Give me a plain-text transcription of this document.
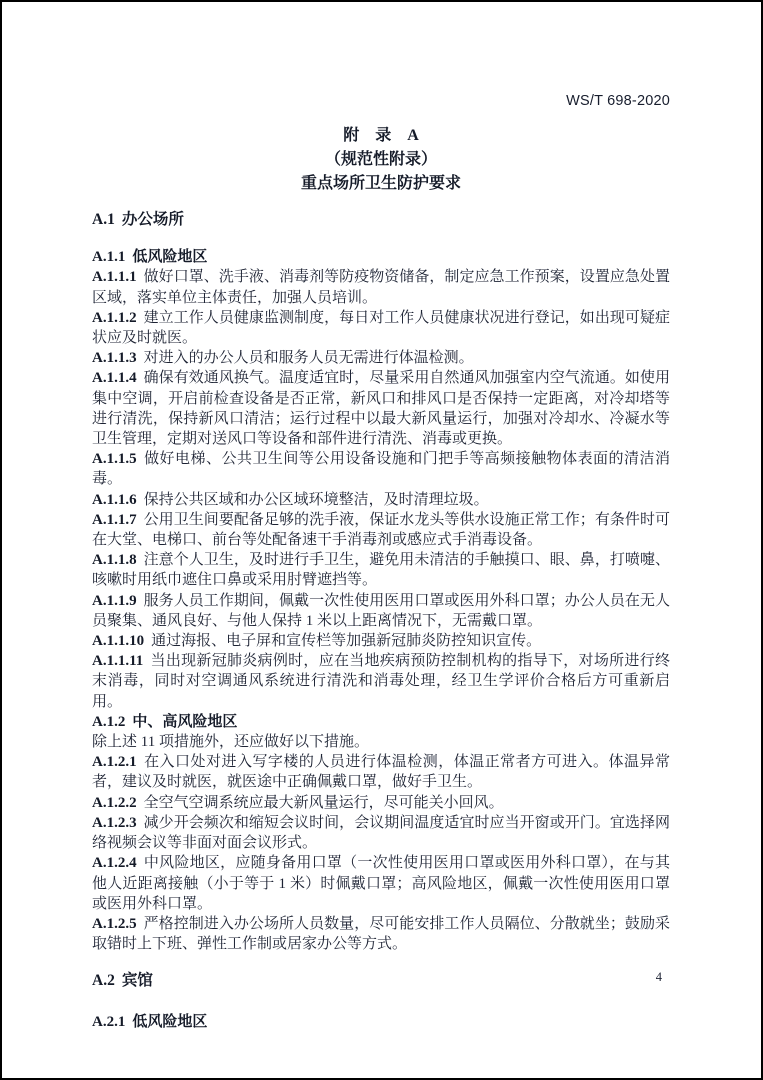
WS/T 698-2020
附　录　A
（规范性附录）
重点场所卫生防护要求
A.1 办公场所

A.1.1 低风险地区

A.1.1.1 做好口罩、洗手液、消毒剂等防疫物资储备，制定应急工作预案，设置应急处置区域，落实单位主体责任，加强人员培训。

A.1.1.2 建立工作人员健康监测制度，每日对工作人员健康状况进行登记，如出现可疑症状应及时就医。

A.1.1.3 对进入的办公人员和服务人员无需进行体温检测。

A.1.1.4 确保有效通风换气。温度适宜时，尽量采用自然通风加强室内空气流通。如使用集中空调，开启前检查设备是否正常，新风口和排风口是否保持一定距离，对冷却塔等进行清洗，保持新风口清洁；运行过程中以最大新风量运行，加强对冷却水、冷凝水等卫生管理，定期对送风口等设备和部件进行清洗、消毒或更换。

A.1.1.5 做好电梯、公共卫生间等公用设备设施和门把手等高频接触物体表面的清洁消毒。

A.1.1.6 保持公共区域和办公区域环境整洁，及时清理垃圾。

A.1.1.7 公用卫生间要配备足够的洗手液，保证水龙头等供水设施正常工作；有条件时可在大堂、电梯口、前台等处配备速干手消毒剂或感应式手消毒设备。

A.1.1.8 注意个人卫生，及时进行手卫生，避免用未清洁的手触摸口、眼、鼻，打喷嚏、咳嗽时用纸巾遮住口鼻或采用肘臂遮挡等。

A.1.1.9 服务人员工作期间，佩戴一次性使用医用口罩或医用外科口罩；办公人员在无人员聚集、通风良好、与他人保持 1 米以上距离情况下，无需戴口罩。

A.1.1.10 通过海报、电子屏和宣传栏等加强新冠肺炎防控知识宣传。

A.1.1.11 当出现新冠肺炎病例时，应在当地疾病预防控制机构的指导下，对场所进行终末消毒，同时对空调通风系统进行清洗和消毒处理，经卫生学评价合格后方可重新启用。

A.1.2 中、高风险地区

除上述 11 项措施外，还应做好以下措施。

A.1.2.1 在入口处对进入写字楼的人员进行体温检测，体温正常者方可进入。体温异常者，建议及时就医，就医途中正确佩戴口罩，做好手卫生。

A.1.2.2 全空气空调系统应最大新风量运行，尽可能关小回风。

A.1.2.3 减少开会频次和缩短会议时间，会议期间温度适宜时应当开窗或开门。宜选择网络视频会议等非面对面会议形式。

A.1.2.4 中风险地区，应随身备用口罩（一次性使用医用口罩或医用外科口罩），在与其他人近距离接触（小于等于 1 米）时佩戴口罩；高风险地区，佩戴一次性使用医用口罩或医用外科口罩。

A.1.2.5 严格控制进入办公场所人员数量，尽可能安排工作人员隔位、分散就坐；鼓励采取错时上下班、弹性工作制或居家办公等方式。

A.2 宾馆

A.2.1 低风险地区

4
